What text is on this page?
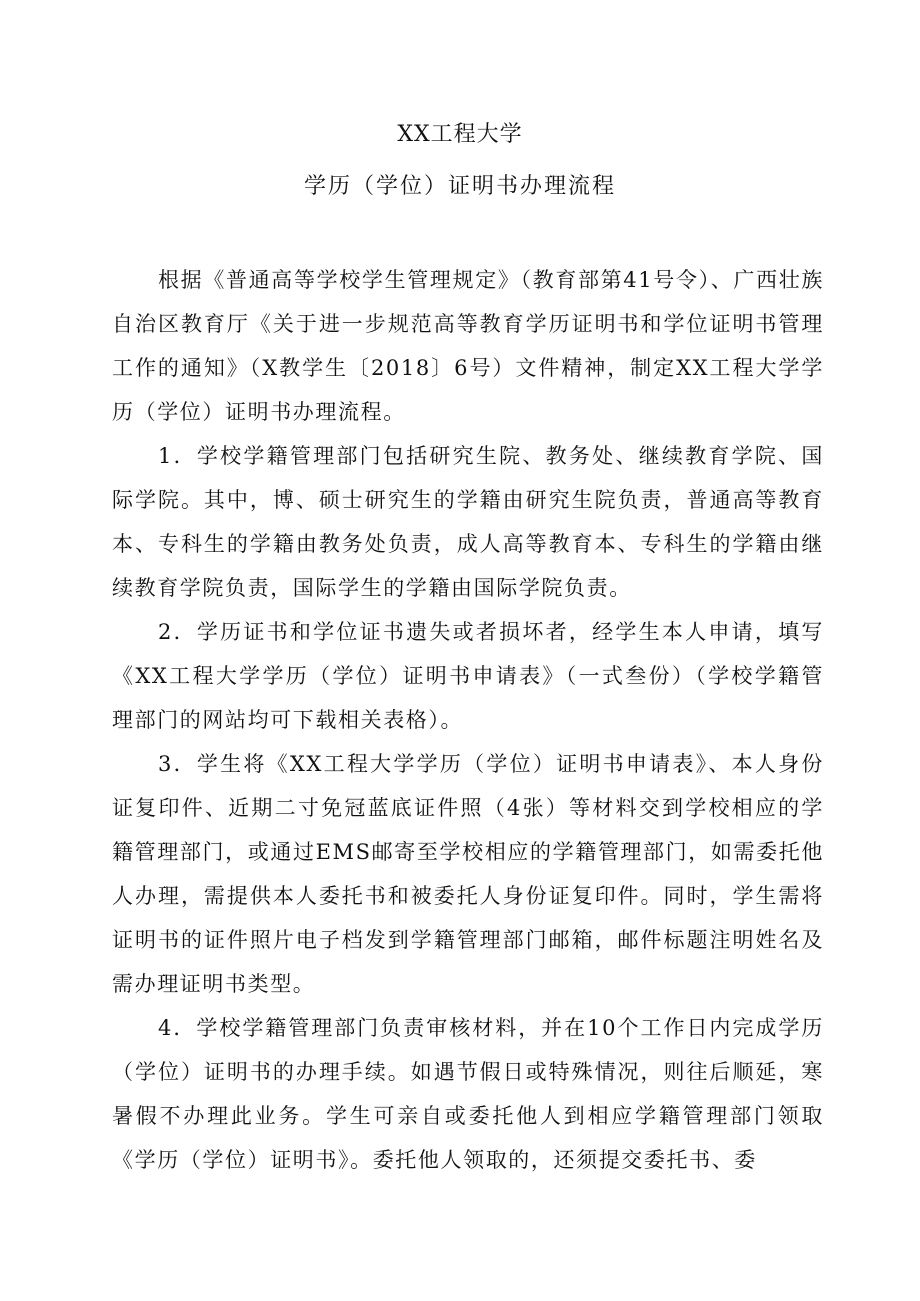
XX工程大学
学历（学位）证明书办理流程

根据《普通高等学校学生管理规定》（教育部第41号令）、广西壮族自治区教育厅《关于进一步规范高等教育学历证明书和学位证明书管理工作的通知》（X教学生〔2018〕6号）文件精神，制定XX工程大学学历（学位）证明书办理流程。

1．学校学籍管理部门包括研究生院、教务处、继续教育学院、国际学院。其中，博、硕士研究生的学籍由研究生院负责，普通高等教育本、专科生的学籍由教务处负责，成人高等教育本、专科生的学籍由继续教育学院负责，国际学生的学籍由国际学院负责。

2．学历证书和学位证书遗失或者损坏者，经学生本人申请，填写《XX工程大学学历（学位）证明书申请表》（一式叁份）（学校学籍管理部门的网站均可下载相关表格）。

3．学生将《XX工程大学学历（学位）证明书申请表》、本人身份证复印件、近期二寸免冠蓝底证件照（4张）等材料交到学校相应的学籍管理部门，或通过EMS邮寄至学校相应的学籍管理部门，如需委托他人办理，需提供本人委托书和被委托人身份证复印件。同时，学生需将证明书的证件照片电子档发到学籍管理部门邮箱，邮件标题注明姓名及需办理证明书类型。

4．学校学籍管理部门负责审核材料，并在10个工作日内完成学历（学位）证明书的办理手续。如遇节假日或特殊情况，则往后顺延，寒暑假不办理此业务。学生可亲自或委托他人到相应学籍管理部门领取《学历（学位）证明书》。委托他人领取的，还须提交委托书、委
